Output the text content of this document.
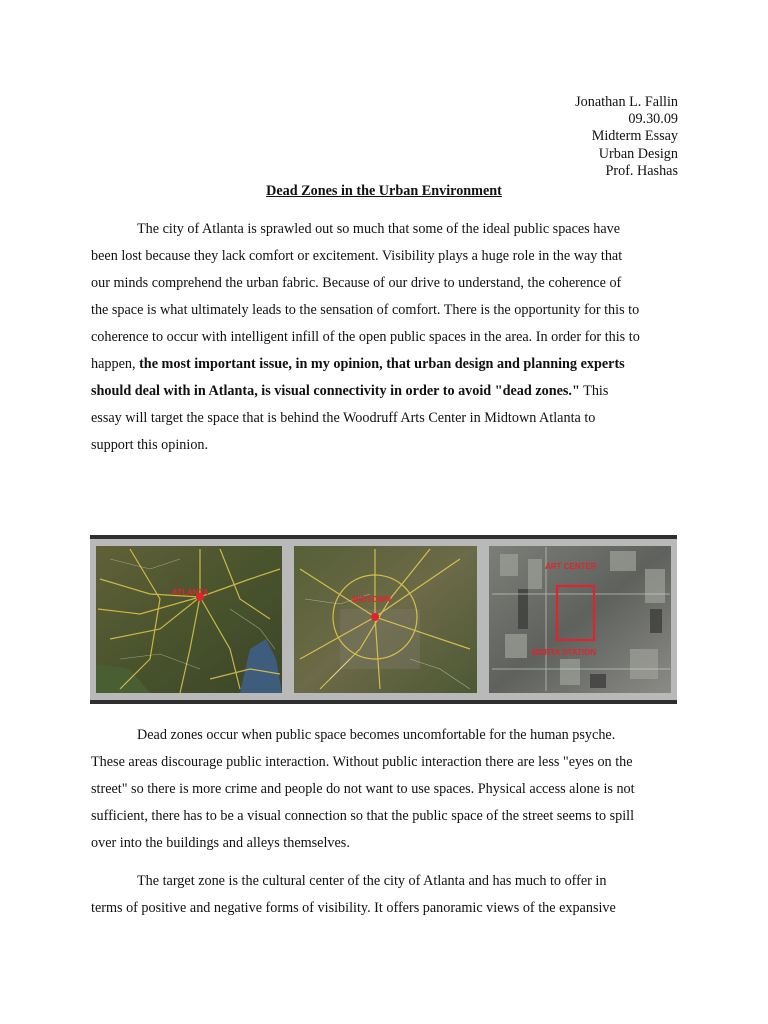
Jonathan L. Fallin
09.30.09
Midterm Essay
Urban Design
Prof. Hashas
Dead Zones in the Urban Environment
The city of Atlanta is sprawled out so much that some of the ideal public spaces have
been lost because they lack comfort or excitement. Visibility plays a huge role in the way that
our minds comprehend the urban fabric. Because of our drive to understand, the coherence of
the space is what ultimately leads to the sensation of comfort. There is the opportunity for this to
coherence to occur with intelligent infill of the open public spaces in the area. In order for this to
happen, the most important issue, in my opinion, that urban design and planning experts
should deal with in Atlanta, is visual connectivity in order to avoid "dead zones." This
essay will target the space that is behind the Woodruff Arts Center in Midtown Atlanta to
support this opinion.
ATLANTA
MIDTOWN
ART CENTER
MARTA STATION
Dead zones occur when public space becomes uncomfortable for the human psyche.
These areas discourage public interaction. Without public interaction there are less "eyes on the
street" so there is more crime and people do not want to use spaces. Physical access alone is not
sufficient, there has to be a visual connection so that the public space of the street seems to spill
over into the buildings and alleys themselves.
The target zone is the cultural center of the city of Atlanta and has much to offer in
terms of positive and negative forms of visibility. It offers panoramic views of the expansive
